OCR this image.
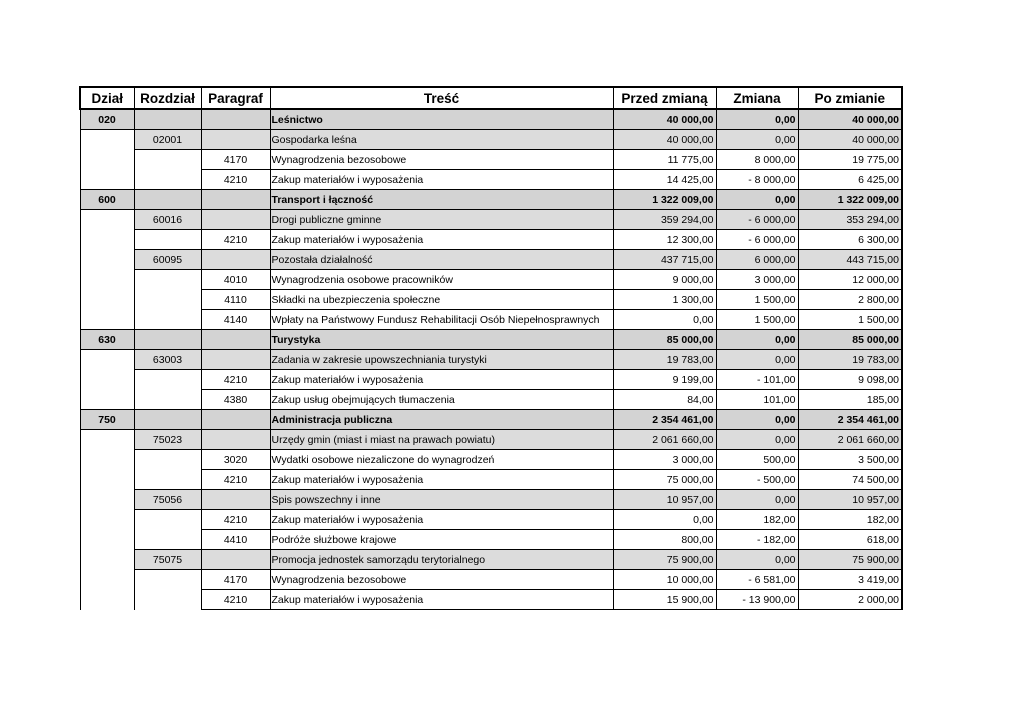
Dział	Rozdział	Paragraf	Treść	Przed zmianą	Zmiana	Po zmianie
020			Leśnictwo	40 000,00	0,00	40 000,00
	02001		Gospodarka leśna	40 000,00	0,00	40 000,00
		4170	Wynagrodzenia bezosobowe	11 775,00	8 000,00	19 775,00
		4210	Zakup materiałów i wyposażenia	14 425,00	- 8 000,00	6 425,00
600			Transport i łączność	1 322 009,00	0,00	1 322 009,00
	60016		Drogi publiczne gminne	359 294,00	- 6 000,00	353 294,00
		4210	Zakup materiałów i wyposażenia	12 300,00	- 6 000,00	6 300,00
	60095		Pozostała działalność	437 715,00	6 000,00	443 715,00
		4010	Wynagrodzenia osobowe pracowników	9 000,00	3 000,00	12 000,00
		4110	Składki na ubezpieczenia społeczne	1 300,00	1 500,00	2 800,00
		4140	Wpłaty na Państwowy Fundusz Rehabilitacji Osób Niepełnosprawnych	0,00	1 500,00	1 500,00
630			Turystyka	85 000,00	0,00	85 000,00
	63003		Zadania w zakresie upowszechniania turystyki	19 783,00	0,00	19 783,00
		4210	Zakup materiałów i wyposażenia	9 199,00	- 101,00	9 098,00
		4380	Zakup usług obejmujących tłumaczenia	84,00	101,00	185,00
750			Administracja publiczna	2 354 461,00	0,00	2 354 461,00
	75023		Urzędy gmin (miast i miast na prawach powiatu)	2 061 660,00	0,00	2 061 660,00
		3020	Wydatki osobowe niezaliczone do wynagrodzeń	3 000,00	500,00	3 500,00
		4210	Zakup materiałów i wyposażenia	75 000,00	- 500,00	74 500,00
	75056		Spis powszechny i inne	10 957,00	0,00	10 957,00
		4210	Zakup materiałów i wyposażenia	0,00	182,00	182,00
		4410	Podróże służbowe krajowe	800,00	- 182,00	618,00
	75075		Promocja jednostek samorządu terytorialnego	75 900,00	0,00	75 900,00
		4170	Wynagrodzenia bezosobowe	10 000,00	- 6 581,00	3 419,00
		4210	Zakup materiałów i wyposażenia	15 900,00	- 13 900,00	2 000,00
